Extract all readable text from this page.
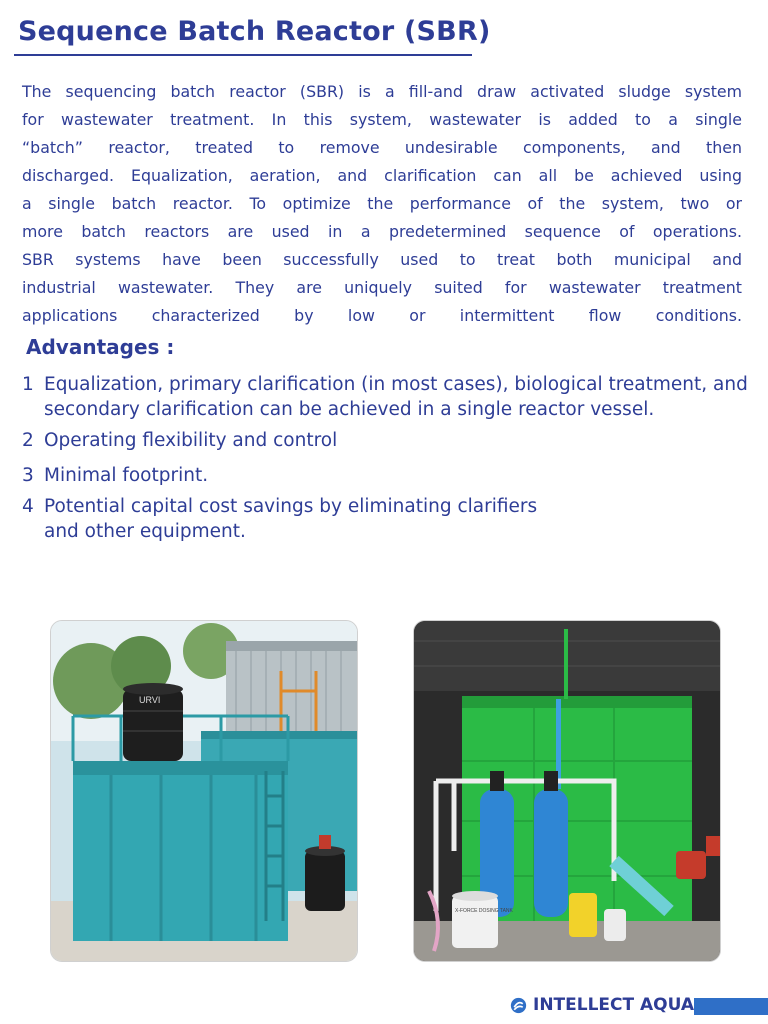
Sequence Batch Reactor (SBR)
The sequencing batch reactor (SBR) is a fill-and draw activated sludge system
for wastewater treatment. In this system, wastewater is added to a single
“batch” reactor, treated to remove undesirable components, and then
discharged. Equalization, aeration, and clarification can all be achieved using
a single batch reactor. To optimize the performance of the system, two or
more batch reactors are used in a predetermined sequence of operations.
SBR systems have been successfully used to treat both municipal and
industrial wastewater. They are uniquely suited for wastewater treatment
applications characterized by low or intermittent flow conditions.
Advantages :
1 Equalization, primary clarification (in most cases), biological treatment, and secondary clarification can be achieved in a single reactor vessel.
2 Operating flexibility and control
3 Minimal footprint.
4 Potential capital cost savings by eliminating clarifiers and other equipment.
URVI
X-FORCE DOSING TANK
INTELLECT AQUA
